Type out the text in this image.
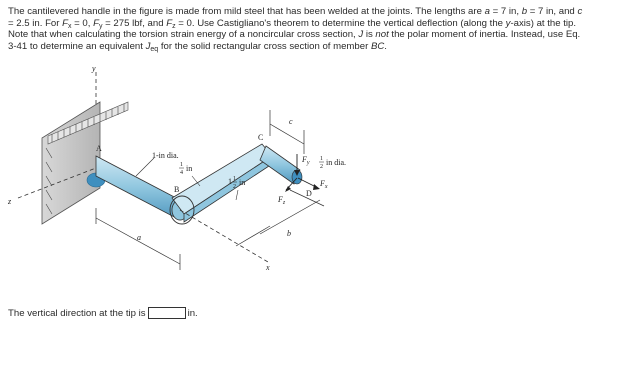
The cantilevered handle in the figure is made from mild steel that has been welded at the joints. The lengths are a = 7 in, b = 7 in, and c

= 2.5 in. For $F_x = 0$, $F_y = 275$ lbf, and $F_z = 0$. Use Castigliano's theorem to determine the vertical deflection (along the y-axis) at the tip.

Note that when calculating the torsion strain energy of a noncircular cross section, J is not the polar moment of inertia. Instead, use Eq.

3-41 to determine an equivalent $J_{eq}$ for the solid rectangular cross section of member BC.

y
z
A
B
C
D
$F_y$
$F_x$
$F_z$
x
a	b
c
1-in dia.
1
4 in
1 1
2 in
1
2 in dia.
The vertical direction at the tip is	in.
